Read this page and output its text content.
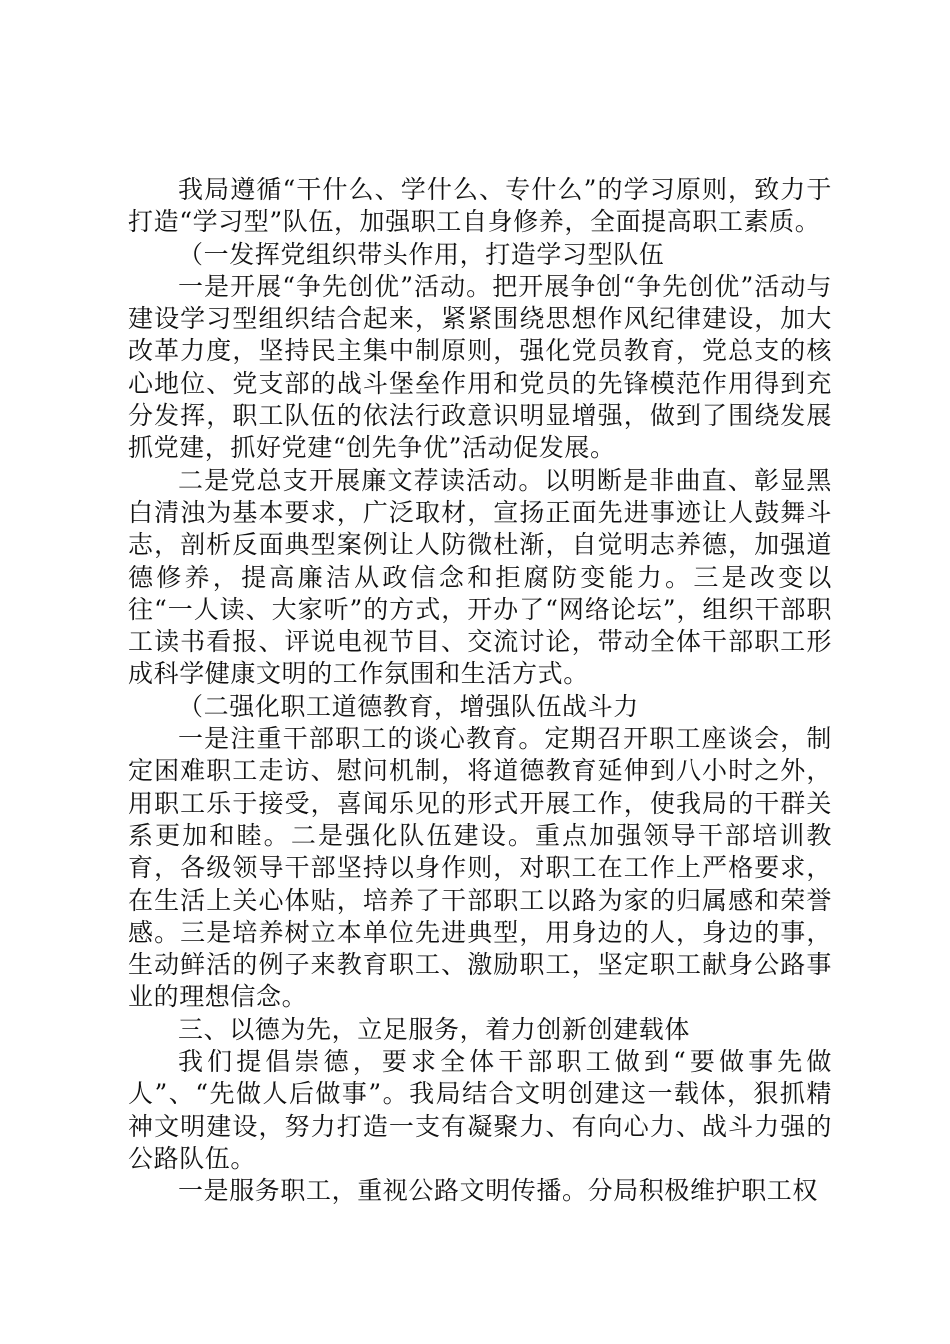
我局遵循“干什么、学什么、专什么”的学习原则，致力于打造“学习型”队伍，加强职工自身修养，全面提高职工素质。

（一发挥党组织带头作用，打造学习型队伍

一是开展“争先创优”活动。把开展争创“争先创优”活动与建设学习型组织结合起来，紧紧围绕思想作风纪律建设，加大改革力度，坚持民主集中制原则，强化党员教育，党总支的核心地位、党支部的战斗堡垒作用和党员的先锋模范作用得到充分发挥，职工队伍的依法行政意识明显增强，做到了围绕发展抓党建，抓好党建“创先争优”活动促发展。

二是党总支开展廉文荐读活动。以明断是非曲直、彰显黑白清浊为基本要求，广泛取材，宣扬正面先进事迹让人鼓舞斗志，剖析反面典型案例让人防微杜渐，自觉明志养德，加强道德修养，提高廉洁从政信念和拒腐防变能力。三是改变以往“一人读、大家听”的方式，开办了“网络论坛”，组织干部职工读书看报、评说电视节目、交流讨论，带动全体干部职工形成科学健康文明的工作氛围和生活方式。

（二强化职工道德教育，增强队伍战斗力

一是注重干部职工的谈心教育。定期召开职工座谈会，制定困难职工走访、慰问机制，将道德教育延伸到八小时之外，用职工乐于接受，喜闻乐见的形式开展工作，使我局的干群关系更加和睦。二是强化队伍建设。重点加强领导干部培训教育，各级领导干部坚持以身作则，对职工在工作上严格要求，在生活上关心体贴，培养了干部职工以路为家的归属感和荣誉感。三是培养树立本单位先进典型，用身边的人，身边的事，生动鲜活的例子来教育职工、激励职工，坚定职工献身公路事业的理想信念。

三、以德为先，立足服务，着力创新创建载体

我们提倡崇德，要求全体干部职工做到“要做事先做人”、“先做人后做事”。我局结合文明创建这一载体，狠抓精神文明建设，努力打造一支有凝聚力、有向心力、战斗力强的公路队伍。

一是服务职工，重视公路文明传播。分局积极维护职工权
